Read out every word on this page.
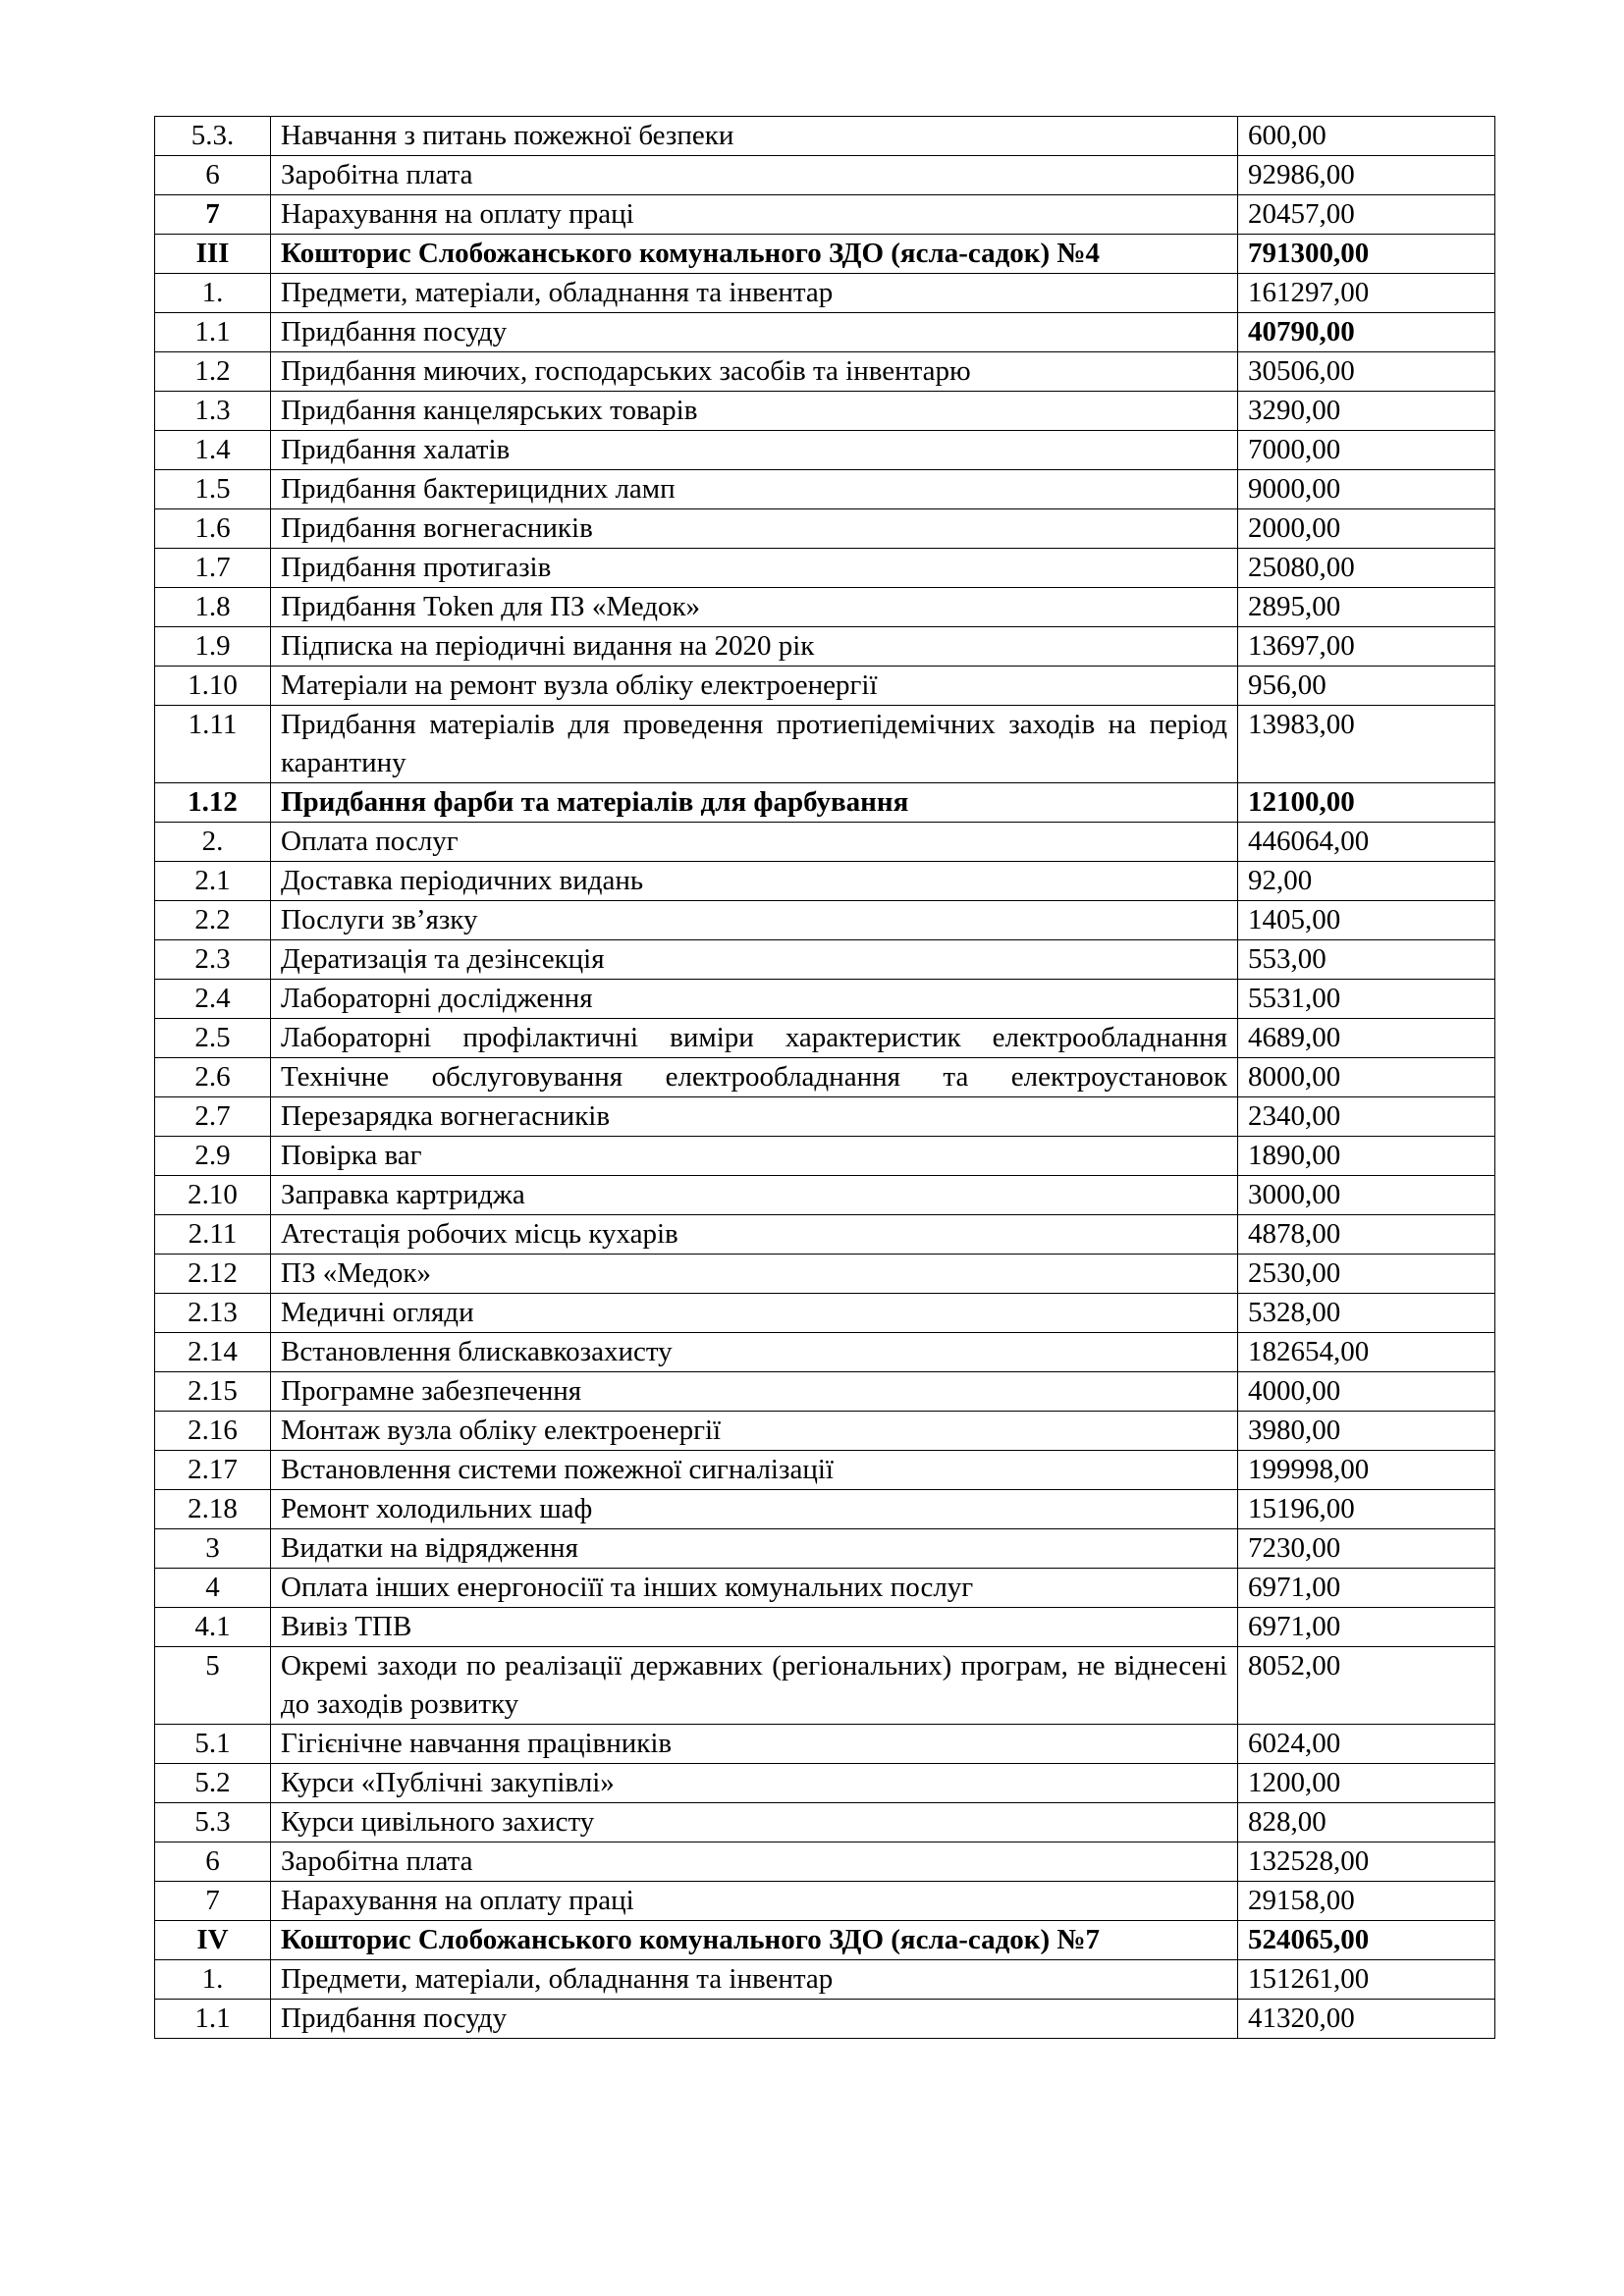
5.3.	Навчання з питань пожежної безпеки	600,00
6	Заробітна плата	92986,00
7	Нарахування на оплату праці	20457,00
III	Кошторис Слобожанського комунального ЗДО (ясла-садок) №4	791300,00
1.	Предмети, матеріали, обладнання та інвентар	161297,00
1.1	Придбання посуду	40790,00
1.2	Придбання миючих, господарських засобів та інвентарю	30506,00
1.3	Придбання канцелярських товарів	3290,00
1.4	Придбання халатів	7000,00
1.5	Придбання бактерицидних ламп	9000,00
1.6	Придбання вогнегасників	2000,00
1.7	Придбання протигазів	25080,00
1.8	Придбання Token для ПЗ «Медок»	2895,00
1.9	Підписка на періодичні видання на 2020 рік	13697,00
1.10	Матеріали на ремонт вузла обліку електроенергії	956,00
1.11	Придбання матеріалів для проведення протиепідемічних заходів на період карантину	13983,00
1.12	Придбання фарби та матеріалів для фарбування	12100,00
2.	Оплата послуг	446064,00
2.1	Доставка періодичних видань	92,00
2.2	Послуги зв’язку	1405,00
2.3	Дератизація та дезінсекція	553,00
2.4	Лабораторні дослідження	5531,00
2.5	Лабораторні профілактичні виміри характеристик електрообладнання	4689,00
2.6	Технічне обслуговування електрообладнання та електроустановок	8000,00
2.7	Перезарядка вогнегасників	2340,00
2.9	Повірка ваг	1890,00
2.10	Заправка картриджа	3000,00
2.11	Атестація робочих місць кухарів	4878,00
2.12	ПЗ «Медок»	2530,00
2.13	Медичні огляди	5328,00
2.14	Встановлення блискавкозахисту	182654,00
2.15	Програмне забезпечення	4000,00
2.16	Монтаж вузла обліку електроенергії	3980,00
2.17	Встановлення системи пожежної сигналізації	199998,00
2.18	Ремонт холодильних шаф	15196,00
3	Видатки на відрядження	7230,00
4	Оплата інших енергоносіїї та інших комунальних послуг	6971,00
4.1	Вивіз ТПВ	6971,00
5	Окремі заходи по реалізації державних (регіональних) програм, не віднесені до заходів розвитку	8052,00
5.1	Гігієнічне навчання працівників	6024,00
5.2	Курси «Публічні закупівлі»	1200,00
5.3	Курси цивільного захисту	828,00
6	Заробітна плата	132528,00
7	Нарахування на оплату праці	29158,00
IV	Кошторис Слобожанського комунального ЗДО (ясла-садок) №7	524065,00
1.	Предмети, матеріали, обладнання та інвентар	151261,00
1.1	Придбання посуду	41320,00
